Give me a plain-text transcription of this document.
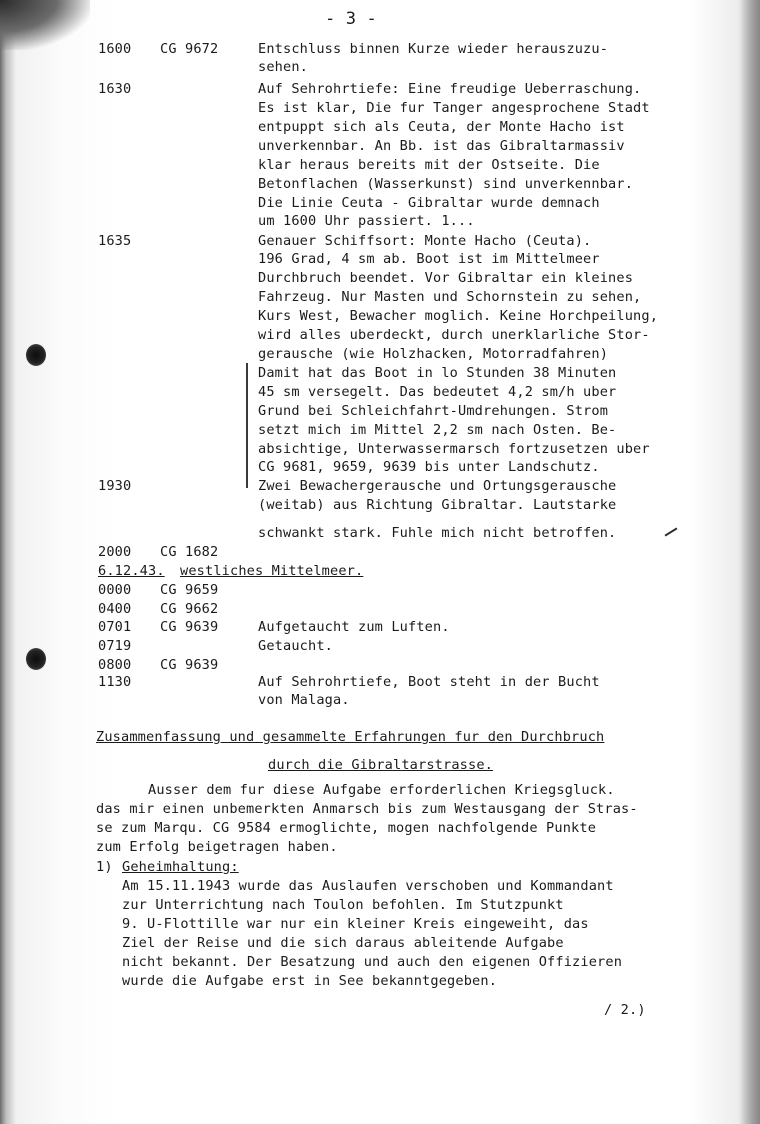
- 3 -
1600 CG 9672	Entschluss binnen Kurze wieder herauszuzu-
sehen.
1630	Auf Sehrohrtiefe: Eine freudige Ueberraschung.
Es ist klar, Die fur Tanger angesprochene Stadt
entpuppt sich als Ceuta, der Monte Hacho ist
unverkennbar. An Bb. ist das Gibraltarmassiv
klar heraus bereits mit der Ostseite. Die
Betonflachen (Wasserkunst) sind unverkennbar.
Die Linie Ceuta - Gibraltar wurde demnach
um 1600 Uhr passiert. 1...
1635	Genauer Schiffsort: Monte Hacho (Ceuta).
196 Grad, 4 sm ab. Boot ist im Mittelmeer
Durchbruch beendet. Vor Gibraltar ein kleines
Fahrzeug. Nur Masten und Schornstein zu sehen,
Kurs West, Bewacher moglich. Keine Horchpeilung,
wird alles uberdeckt, durch unerklarliche Stor-
gerausche (wie Holzhacken, Motorradfahren)
Damit hat das Boot in lo Stunden 38 Minuten
45 sm versegelt. Das bedeutet 4,2 sm/h uber
Grund bei Schleichfahrt-Umdrehungen. Strom
setzt mich im Mittel 2,2 sm nach Osten. Be-
absichtige, Unterwassermarsch fortzusetzen uber
CG 9681, 9659, 9639 bis unter Landschutz.
1930	Zwei Bewachergerausche und Ortungsgerausche
(weitab) aus Richtung Gibraltar. Lautstarke
schwankt stark. Fuhle mich nicht betroffen.
2000 CG 1682
6.12.43. westliches Mittelmeer.
0000 CG 9659
0400 CG 9662
0701 CG 9639	Aufgetaucht zum Luften.
0719	Getaucht.
0800 CG 9639
1130	Auf Sehrohrtiefe, Boot steht in der Bucht
von Malaga.
Zusammenfassung und gesammelte Erfahrungen fur den Durchbruch
durch die Gibraltarstrasse.
Ausser dem fur diese Aufgabe erforderlichen Kriegsgluck.
das mir einen unbemerkten Anmarsch bis zum Westausgang der Stras-
se zum Marqu. CG 9584 ermoglichte, mogen nachfolgende Punkte
zum Erfolg beigetragen haben.
1) Geheimhaltung:
Am 15.11.1943 wurde das Auslaufen verschoben und Kommandant
zur Unterrichtung nach Toulon befohlen. Im Stutzpunkt
9. U-Flottille war nur ein kleiner Kreis eingeweiht, das
Ziel der Reise und die sich daraus ableitende Aufgabe
nicht bekannt. Der Besatzung und auch den eigenen Offizieren
wurde die Aufgabe erst in See bekanntgegeben.
/ 2.)
